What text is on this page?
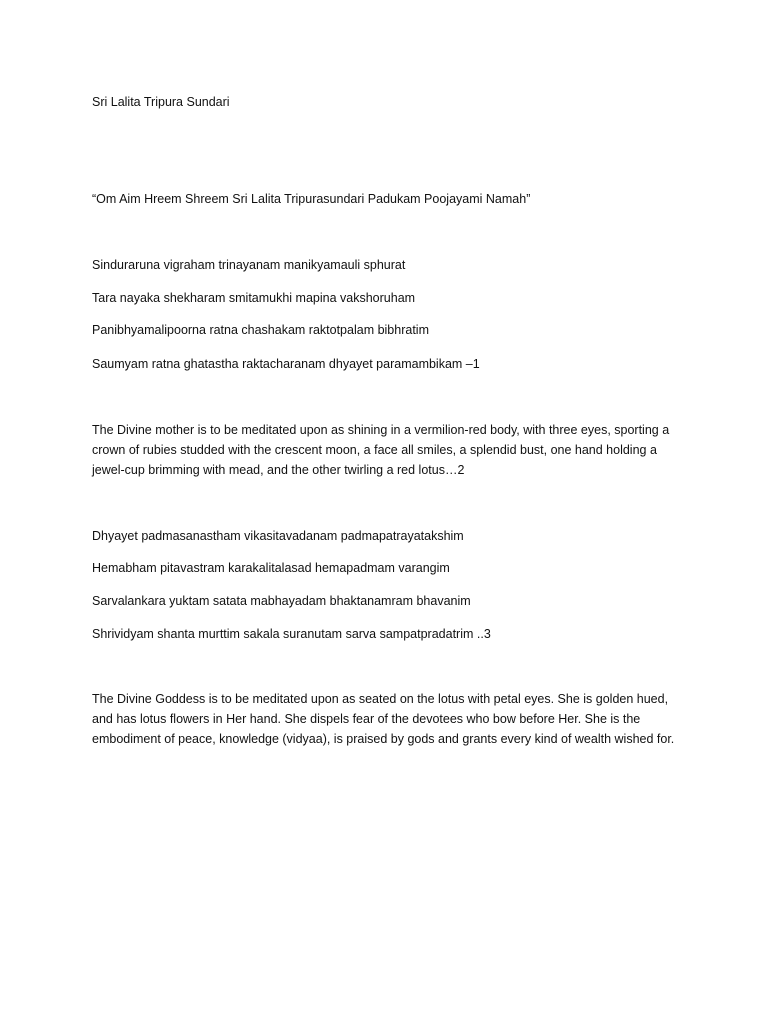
Sri Lalita Tripura Sundari
“Om Aim Hreem Shreem Sri Lalita Tripurasundari Padukam Poojayami Namah”
Sinduraruna vigraham trinayanam manikyamauli sphurat
Tara nayaka shekharam smitamukhi mapina vakshoruham
Panibhyamalipoorna ratna chashakam raktotpalam bibhratim
Saumyam ratna ghatastha raktacharanam dhyayet paramambikam –1
The Divine mother is to be meditated upon as shining in a vermilion-red body, with three eyes, sporting a crown of rubies studded with the crescent moon, a face all smiles, a splendid bust, one hand holding a jewel-cup brimming with mead, and the other twirling a red lotus…2
Dhyayet padmasanastham vikasitavadanam padmapatrayatakshim
Hemabham pitavastram karakalitalasad hemapadmam varangim
Sarvalankara yuktam satata mabhayadam bhaktanamram bhavanim
Shrividyam shanta murttim sakala suranutam sarva sampatpradatrim ..3
The Divine Goddess is to be meditated upon as seated on the lotus with petal eyes. She is golden hued, and has lotus flowers in Her hand. She dispels fear of the devotees who bow before Her. She is the embodiment of peace, knowledge (vidyaa), is praised by gods and grants every kind of wealth wished for.
